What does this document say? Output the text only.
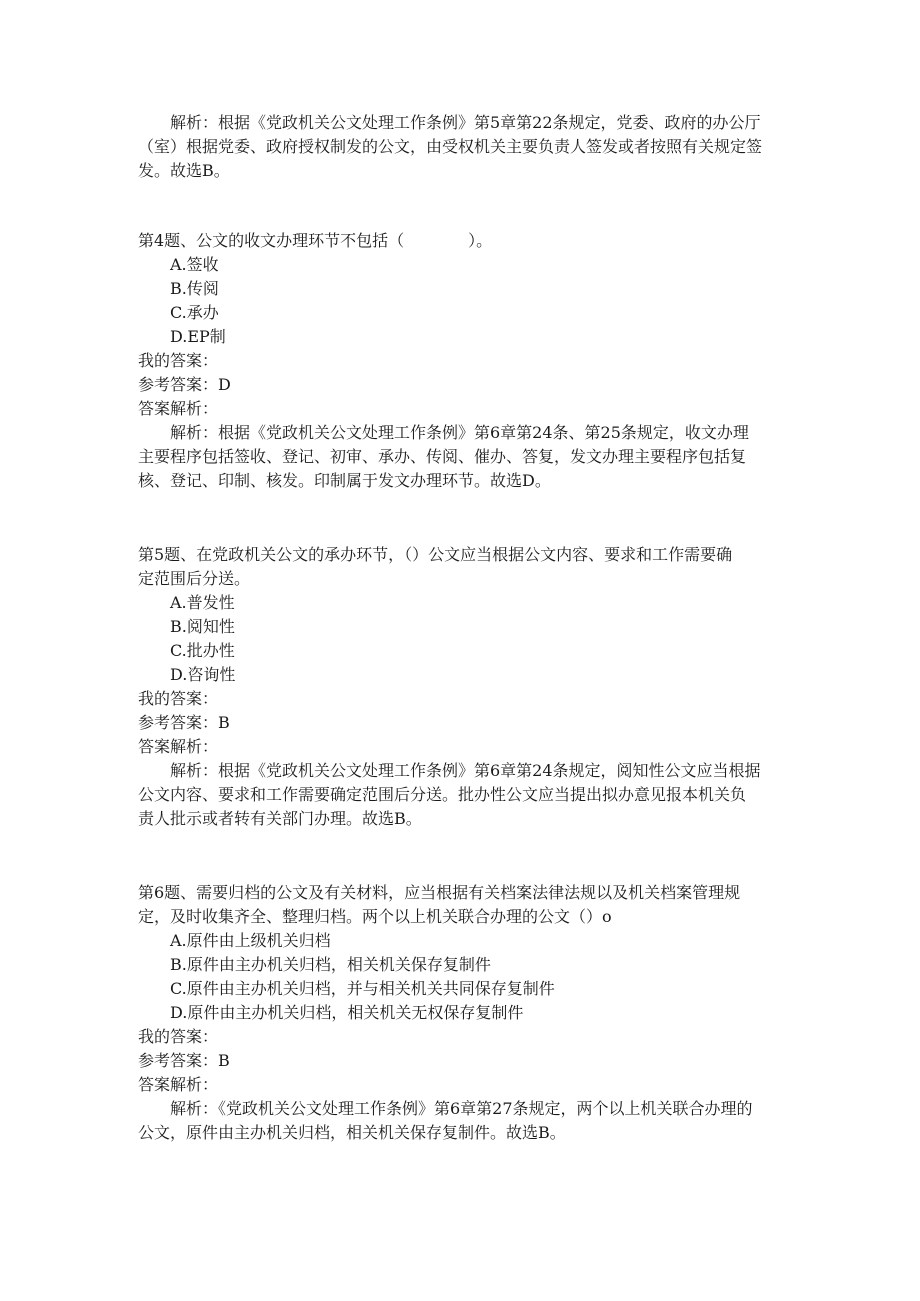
解析：根据《党政机关公文处理工作条例》第5章第22条规定，党委、政府的办公厅
（室）根据党委、政府授权制发的公文，由受权机关主要负责人签发或者按照有关规定签
发。故选B。
第4题、公文的收文办理环节不包括（　　　　）。
A.签收
B.传阅
C.承办
D.EP制
我的答案：
参考答案：D
答案解析：
解析：根据《党政机关公文处理工作条例》第6章第24条、第25条规定，收文办理
主要程序包括签收、登记、初审、承办、传阅、催办、答复，发文办理主要程序包括复
核、登记、印制、核发。印制属于发文办理环节。故选D。
第5题、在党政机关公文的承办环节，（）公文应当根据公文内容、要求和工作需要确
定范围后分送。
A.普发性
B.阅知性
C.批办性
D.咨询性
我的答案：
参考答案：B
答案解析：
解析：根据《党政机关公文处理工作条例》第6章第24条规定，阅知性公文应当根据
公文内容、要求和工作需要确定范围后分送。批办性公文应当提出拟办意见报本机关负
责人批示或者转有关部门办理。故选B。
第6题、需要归档的公文及有关材料，应当根据有关档案法律法规以及机关档案管理规
定，及时收集齐全、整理归档。两个以上机关联合办理的公文（）o
A.原件由上级机关归档
B.原件由主办机关归档，相关机关保存复制件
C.原件由主办机关归档，并与相关机关共同保存复制件
D.原件由主办机关归档，相关机关无权保存复制件
我的答案：
参考答案：B
答案解析：
解析：《党政机关公文处理工作条例》第6章第27条规定，两个以上机关联合办理的
公文，原件由主办机关归档，相关机关保存复制件。故选B。
